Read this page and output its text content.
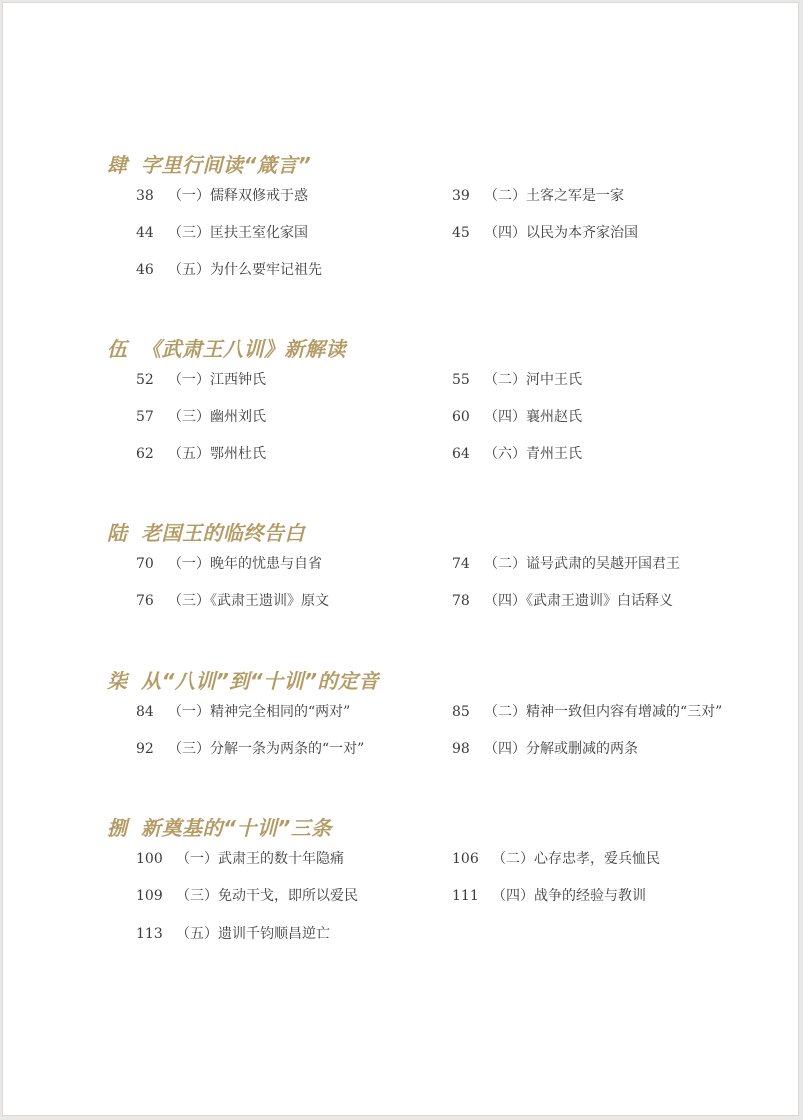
肆 字里行间读“箴言”
38 （一）儒释双修戒于惑	39 （二）土客之军是一家
44 （三）匡扶王室化家国	45 （四）以民为本齐家治国
46 （五）为什么要牢记祖先
伍 《武肃王八训》新解读
52 （一）江西钟氏	55 （二）河中王氏
57 （三）幽州刘氏	60 （四）襄州赵氏
62 （五）鄂州杜氏	64 （六）青州王氏
陆 老国王的临终告白
70 （一）晚年的忧患与自省	74 （二）谥号武肃的吴越开国君王
76 （三）《武肃王遗训》原文	78 （四）《武肃王遗训》白话释义
柒 从“八训”到“十训”的定音
84 （一）精神完全相同的“两对”	85 （二）精神一致但内容有增减的“三对”
92 （三）分解一条为两条的“一对”	98 （四）分解或删减的两条
捌 新奠基的“十训”三条
100 （一）武肃王的数十年隐痛	106 （二）心存忠孝，爱兵恤民
109 （三）免动干戈，即所以爱民	111 （四）战争的经验与教训
113 （五）遗训千钧顺昌逆亡
